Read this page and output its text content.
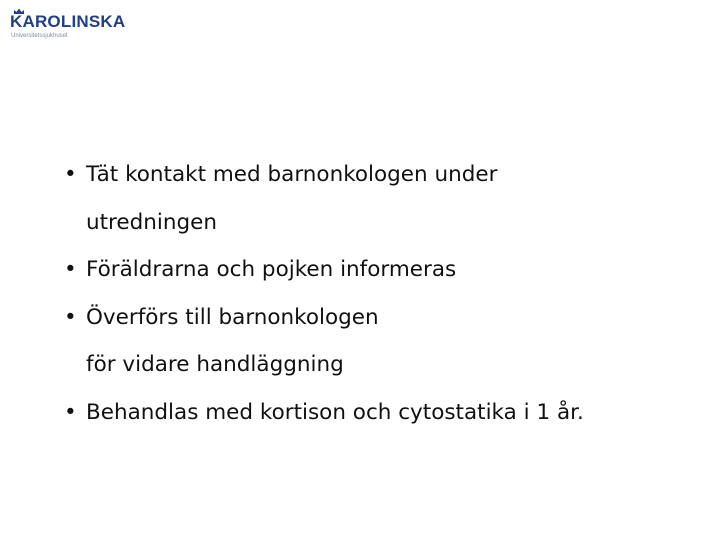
KAROLINSKA
Universitetssjukhuset
• Tät kontakt med barnonkologen under
utredningen
• Föräldrarna och pojken informeras
• Överförs till barnonkologen
för vidare handläggning
• Behandlas med kortison och cytostatika i 1 år.
